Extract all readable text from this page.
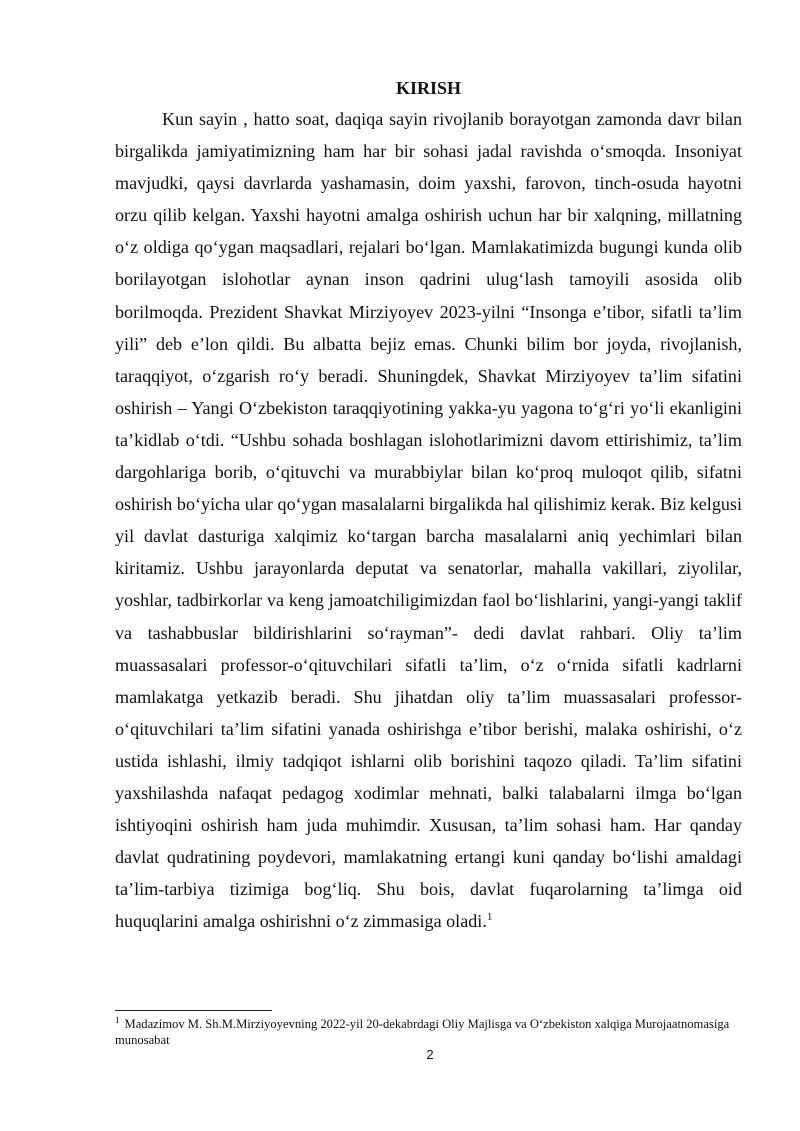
KIRISH

Kun sayin , hatto soat, daqiqa sayin rivojlanib borayotgan zamonda davr bilan birgalikda jamiyatimizning ham har bir sohasi jadal ravishda o‘smoqda. Insoniyat mavjudki, qaysi davrlarda yashamasin, doim yaxshi, farovon, tinch-osuda hayotni orzu qilib kelgan. Yaxshi hayotni amalga oshirish uchun har bir xalqning, millatning o‘z oldiga qo‘ygan maqsadlari, rejalari bo‘lgan. Mamlakatimizda bugungi kunda olib borilayotgan islohotlar aynan inson qadrini ulug‘lash tamoyili asosida olib borilmoqda. Prezident Shavkat Mirziyoyev 2023-yilni “Insonga e’tibor, sifatli ta’lim yili” deb e’lon qildi. Bu albatta bejiz emas. Chunki bilim bor joyda, rivojlanish, taraqqiyot, o‘zgarish ro‘y beradi. Shuningdek, Shavkat Mirziyoyev ta’lim sifatini oshirish – Yangi O‘zbekiston taraqqiyotining yakka-yu yagona to‘g‘ri yo‘li ekanligini ta’kidlab o‘tdi. “Ushbu sohada boshlagan islohotlarimizni davom ettirishimiz, ta’lim dargohlariga borib, o‘qituvchi va murabbiylar bilan ko‘proq muloqot qilib, sifatni oshirish bo‘yicha ular qo‘ygan masalalarni birgalikda hal qilishimiz kerak. Biz kelgusi yil davlat dasturiga xalqimiz ko‘targan barcha masalalarni aniq yechimlari bilan kiritamiz. Ushbu jarayonlarda deputat va senatorlar, mahalla vakillari, ziyolilar, yoshlar, tadbirkorlar va keng jamoatchiligimizdan faol bo‘lishlarini, yangi-yangi taklif va tashabbuslar bildirishlarini so‘rayman”- dedi davlat rahbari. Oliy ta’lim muassasalari professor-o‘qituvchilari sifatli ta’lim, o‘z o‘rnida sifatli kadrlarni mamlakatga yetkazib beradi. Shu jihatdan oliy ta’lim muassasalari professor-o‘qituvchilari ta’lim sifatini yanada oshirishga e’tibor berishi, malaka oshirishi, o‘z ustida ishlashi, ilmiy tadqiqot ishlarni olib borishini taqozo qiladi. Ta’lim sifatini yaxshilashda nafaqat pedagog xodimlar mehnati, balki talabalarni ilmga bo‘lgan ishtiyoqini oshirish ham juda muhimdir. Xususan, ta’lim sohasi ham. Har qanday davlat qudratining poydevori, mamlakatning ertangi kuni qanday bo‘lishi amaldagi ta’lim-tarbiya tizimiga bog‘liq. Shu bois, davlat fuqarolarning ta’limga oid huquqlarini amalga oshirishni o‘z zimmasiga oladi.$^1$

$^1$ Madazimov M. Sh.M.Mirziyoyevning 2022-yil 20-dekabrdagi Oliy Majlisga va O‘zbekiston xalqiga Murojaatnomasiga munosabat

2
